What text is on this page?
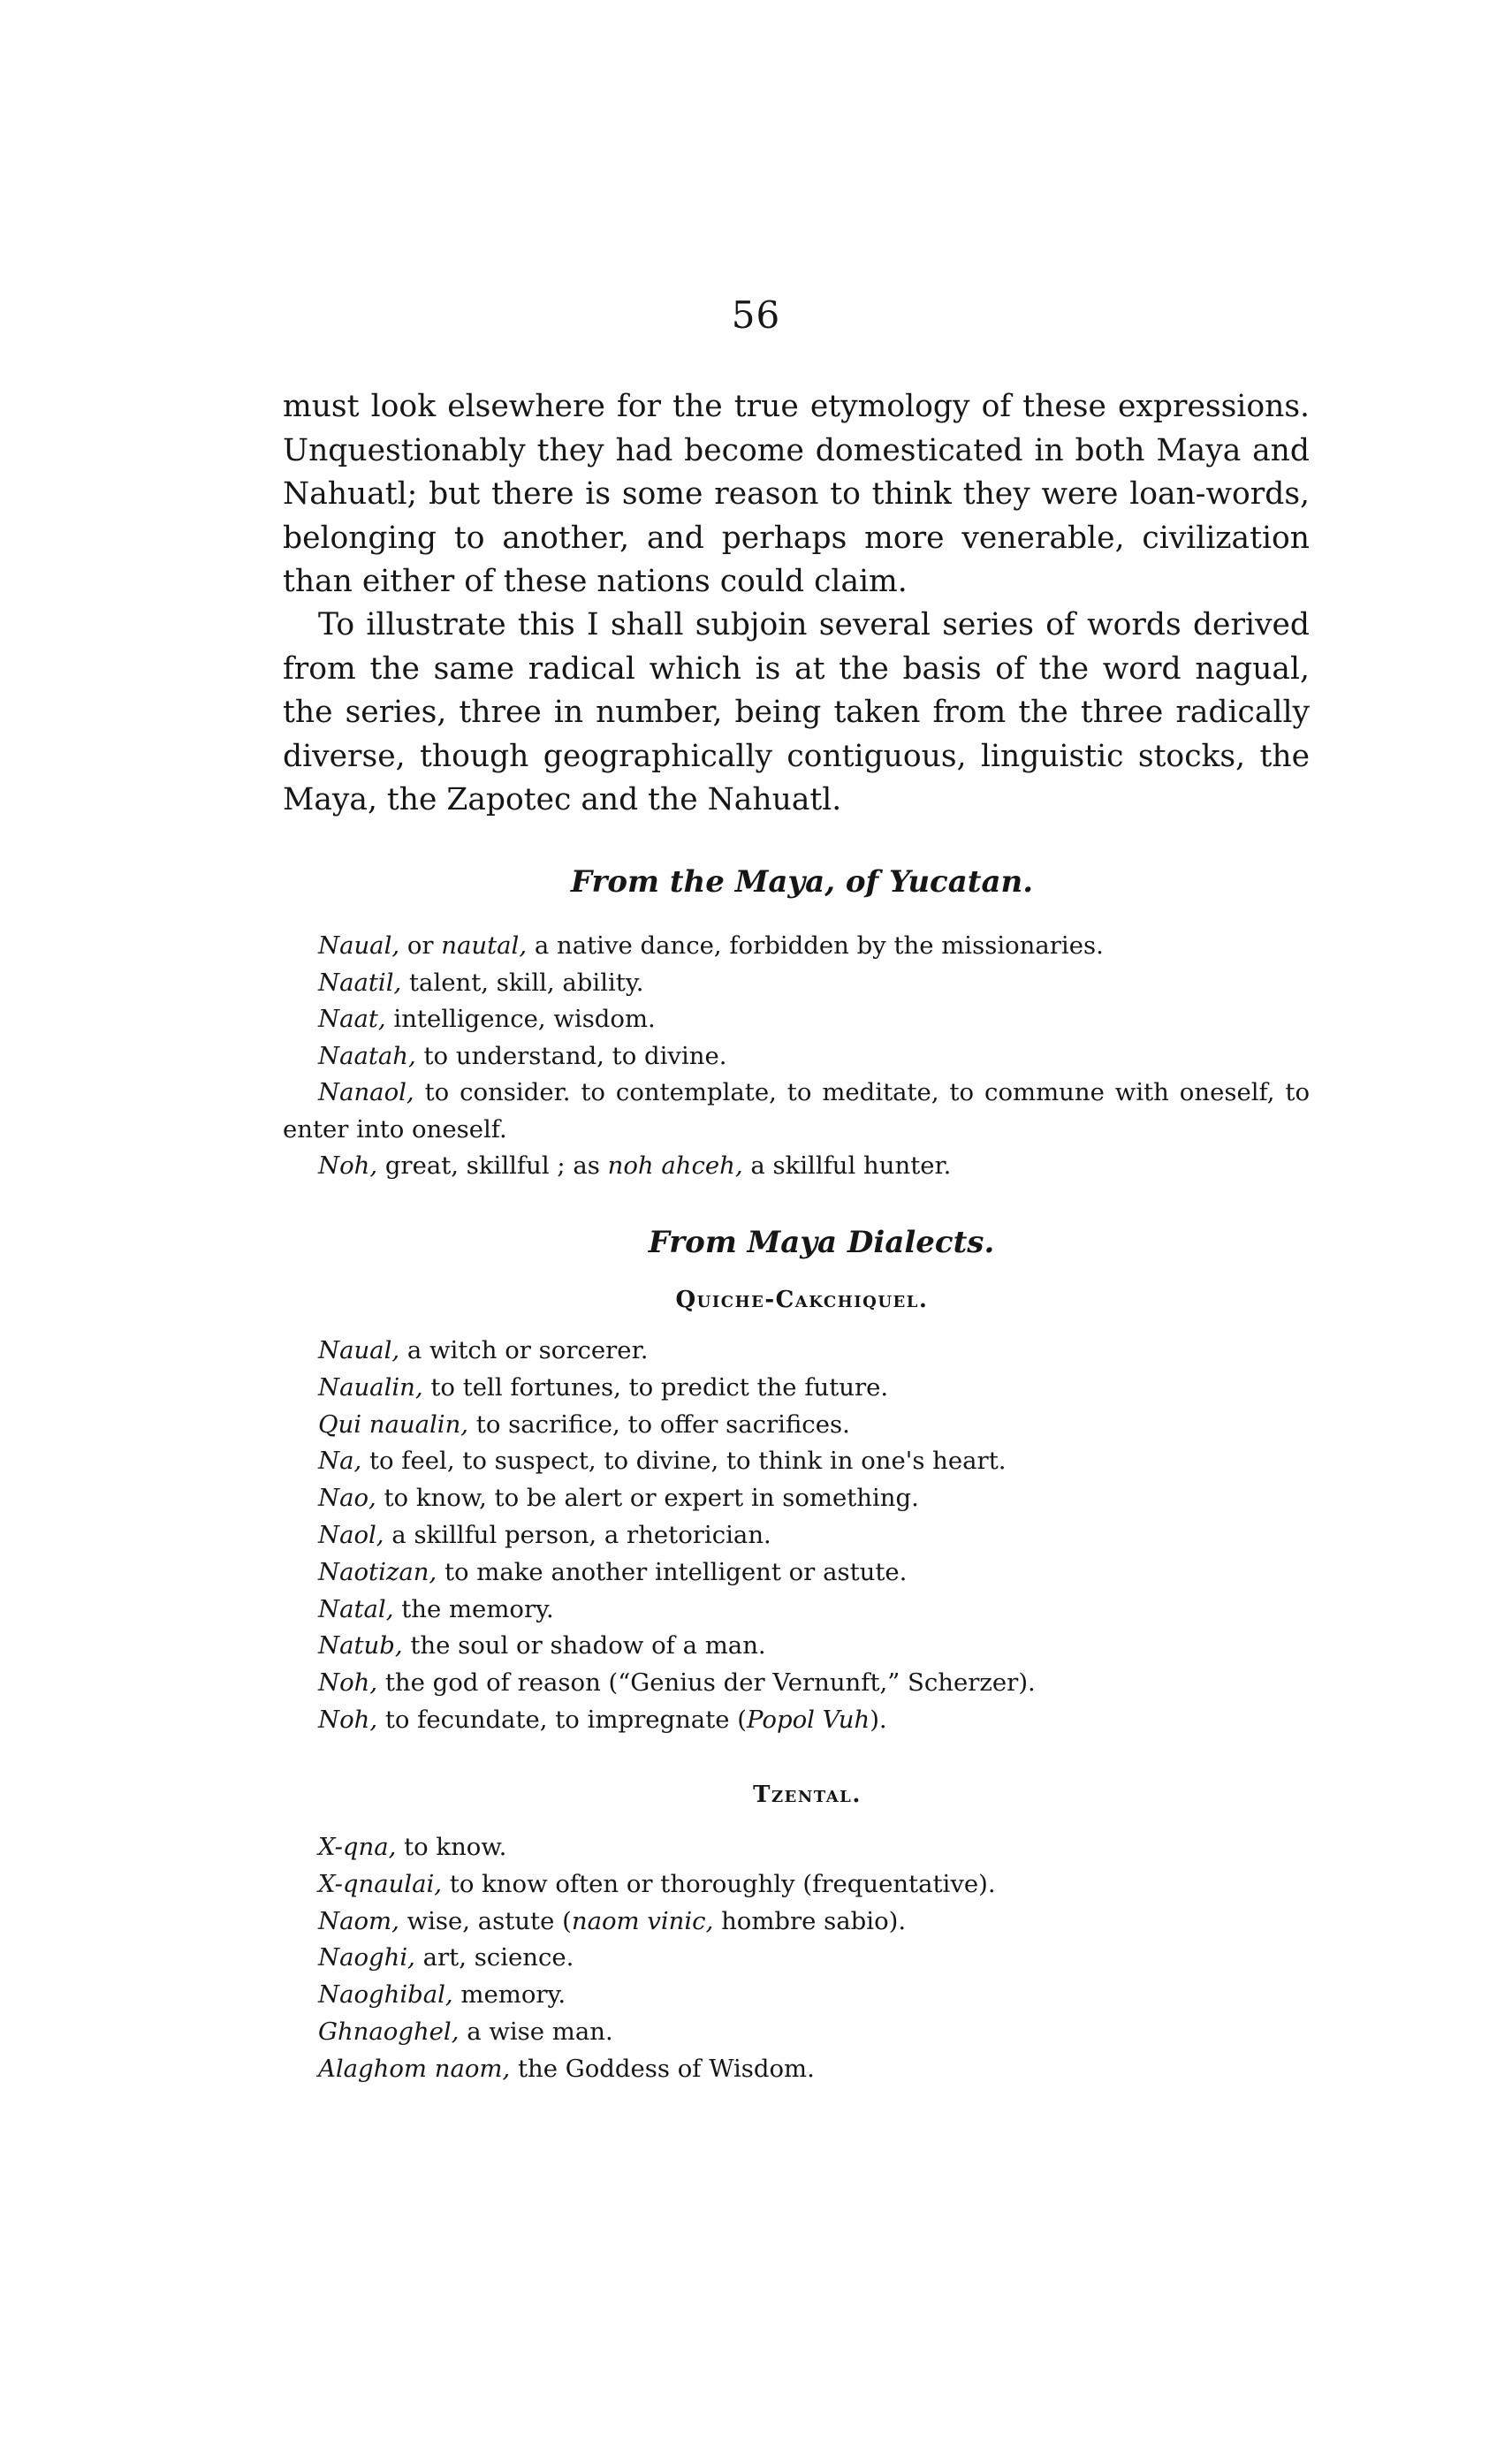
56

must look elsewhere for the true etymology of these expressions. Unquestionably they had become domesticated in both Maya and Nahuatl; but there is some reason to think they were loan-words, belonging to another, and perhaps more venerable, civilization than either of these nations could claim.

To illustrate this I shall subjoin several series of words derived from the same radical which is at the basis of the word nagual, the series, three in number, being taken from the three radically diverse, though geographically contiguous, linguistic stocks, the Maya, the Zapotec and the Nahuatl.

From the Maya, of Yucatan.
Naual, or nautal, a native dance, forbidden by the missionaries.
Naatil, talent, skill, ability.
Naat, intelligence, wisdom.
Naatah, to understand, to divine.
Nanaol, to consider. to contemplate, to meditate, to commune with oneself, to enter into oneself.
Noh, great, skillful ; as noh ahceh, a skillful hunter.
From Maya Dialects.
Quiche-Cakchiquel.
Naual, a witch or sorcerer.
Naualin, to tell fortunes, to predict the future.
Qui naualin, to sacrifice, to offer sacrifices.
Na, to feel, to suspect, to divine, to think in one's heart.
Nao, to know, to be alert or expert in something.
Naol, a skillful person, a rhetorician.
Naotizan, to make another intelligent or astute.
Natal, the memory.
Natub, the soul or shadow of a man.
Noh, the god of reason (“Genius der Vernunft,” Scherzer).
Noh, to fecundate, to impregnate (Popol Vuh).
Tzental.
X-qna, to know.
X-qnaulai, to know often or thoroughly (frequentative).
Naom, wise, astute (naom vinic, hombre sabio).
Naoghi, art, science.
Naoghibal, memory.
Ghnaoghel, a wise man.
Alaghom naom, the Goddess of Wisdom.
